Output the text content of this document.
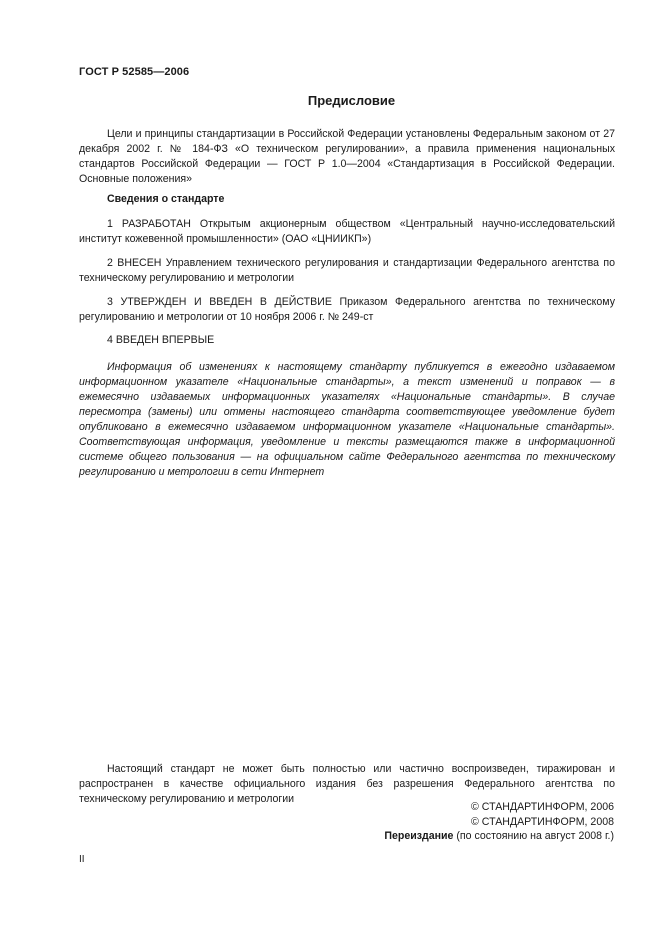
ГОСТ Р 52585—2006
Предисловие

Цели и принципы стандартизации в Российской Федерации установлены Федеральным законом от 27 декабря 2002 г. № 184-ФЗ «О техническом регулировании», а правила применения национальных стандартов Российской Федерации — ГОСТ Р 1.0—2004 «Стандартизация в Российской Федерации. Основные положения»

Сведения о стандарте

1 РАЗРАБОТАН Открытым акционерным обществом «Центральный научно-исследовательский институт кожевенной промышленности» (ОАО «ЦНИИКП»)

2 ВНЕСЕН Управлением технического регулирования и стандартизации Федерального агентства по техническому регулированию и метрологии

3 УТВЕРЖДЕН И ВВЕДЕН В ДЕЙСТВИЕ Приказом Федерального агентства по техническому регулированию и метрологии от 10 ноября 2006 г. № 249-ст

4 ВВЕДЕН ВПЕРВЫЕ

Информация об изменениях к настоящему стандарту публикуется в ежегодно издаваемом информационном указателе «Национальные стандарты», а текст изменений и поправок — в ежемесячно издаваемых информационных указателях «Национальные стандарты». В случае пересмотра (замены) или отмены настоящего стандарта соответствующее уведомление будет опубликовано в ежемесячно издаваемом информационном указателе «Национальные стандарты». Соответствующая информация, уведомление и тексты размещаются также в информационной системе общего пользования — на официальном сайте Федерального агентства по техническому регулированию и метрологии в сети Интернет

Настоящий стандарт не может быть полностью или частично воспроизведен, тиражирован и распространен в качестве официального издания без разрешения Федерального агентства по техническому регулированию и метрологии

© СТАНДАРТИНФОРМ, 2006
© СТАНДАРТИНФОРМ, 2008
Переиздание (по состоянию на август 2008 г.)
II
